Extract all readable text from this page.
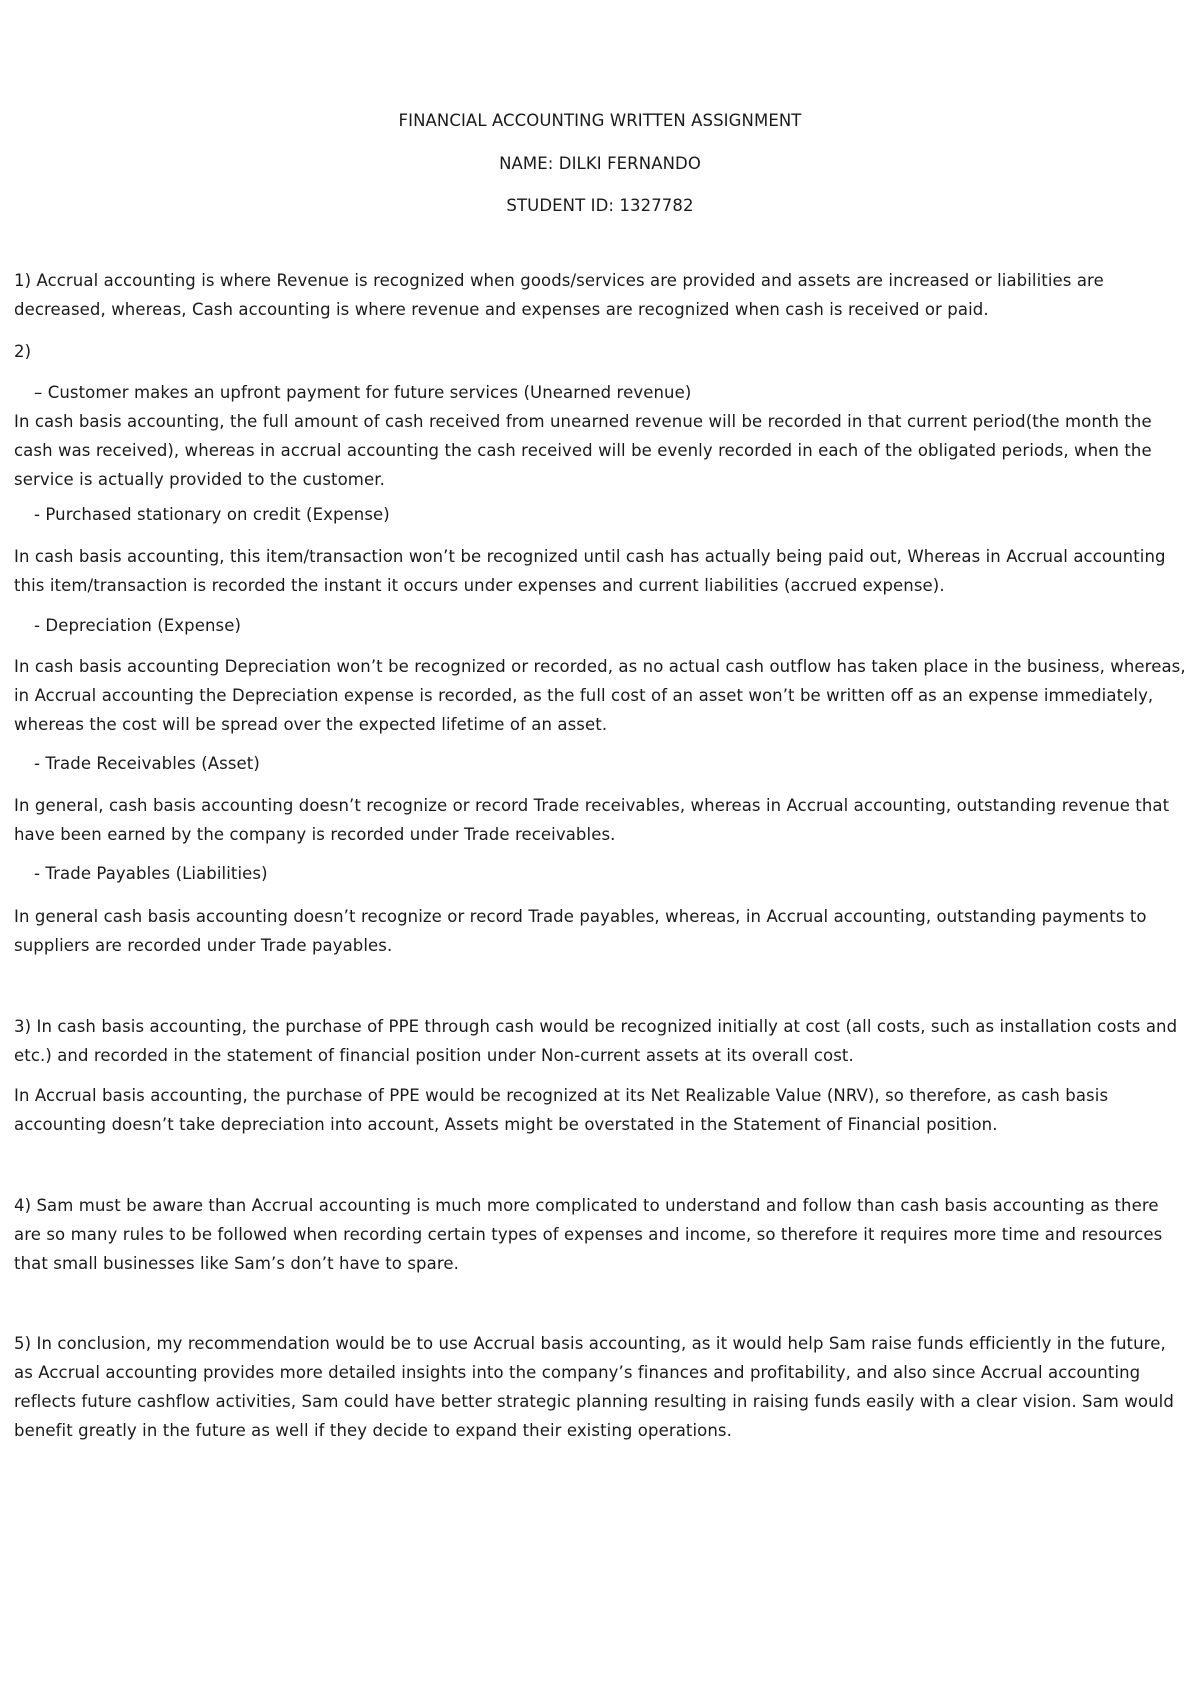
FINANCIAL ACCOUNTING WRITTEN ASSIGNMENT
NAME: DILKI FERNANDO
STUDENT ID: 1327782

1) Accrual accounting is where Revenue is recognized when goods/services are provided and assets are increased or liabilities are decreased, whereas, Cash accounting is where revenue and expenses are recognized when cash is received or paid.

2)

– Customer makes an upfront payment for future services (Unearned revenue)

In cash basis accounting, the full amount of cash received from unearned revenue will be recorded in that current period(the month the cash was received), whereas in accrual accounting the cash received will be evenly recorded in each of the obligated periods, when the service is actually provided to the customer.

- Purchased stationary on credit (Expense)

In cash basis accounting, this item/transaction won’t be recognized until cash has actually being paid out, Whereas in Accrual accounting this item/transaction is recorded the instant it occurs under expenses and current liabilities (accrued expense).

- Depreciation (Expense)

In cash basis accounting Depreciation won’t be recognized or recorded, as no actual cash outflow has taken place in the business, whereas, in Accrual accounting the Depreciation expense is recorded, as the full cost of an asset won’t be written off as an expense immediately, whereas the cost will be spread over the expected lifetime of an asset.

- Trade Receivables (Asset)

In general, cash basis accounting doesn’t recognize or record Trade receivables, whereas in Accrual accounting, outstanding revenue that have been earned by the company is recorded under Trade receivables.

- Trade Payables (Liabilities)

In general cash basis accounting doesn’t recognize or record Trade payables, whereas, in Accrual accounting, outstanding payments to suppliers are recorded under Trade payables.

3) In cash basis accounting, the purchase of PPE through cash would be recognized initially at cost (all costs, such as installation costs and etc.) and recorded in the statement of financial position under Non-current assets at its overall cost.

In Accrual basis accounting, the purchase of PPE would be recognized at its Net Realizable Value (NRV), so therefore, as cash basis accounting doesn’t take depreciation into account, Assets might be overstated in the Statement of Financial position.

4) Sam must be aware than Accrual accounting is much more complicated to understand and follow than cash basis accounting as there are so many rules to be followed when recording certain types of expenses and income, so therefore it requires more time and resources that small businesses like Sam’s don’t have to spare.

5) In conclusion, my recommendation would be to use Accrual basis accounting, as it would help Sam raise funds efficiently in the future, as Accrual accounting provides more detailed insights into the company’s finances and profitability, and also since Accrual accounting reflects future cashflow activities, Sam could have better strategic planning resulting in raising funds easily with a clear vision. Sam would benefit greatly in the future as well if they decide to expand their existing operations.
